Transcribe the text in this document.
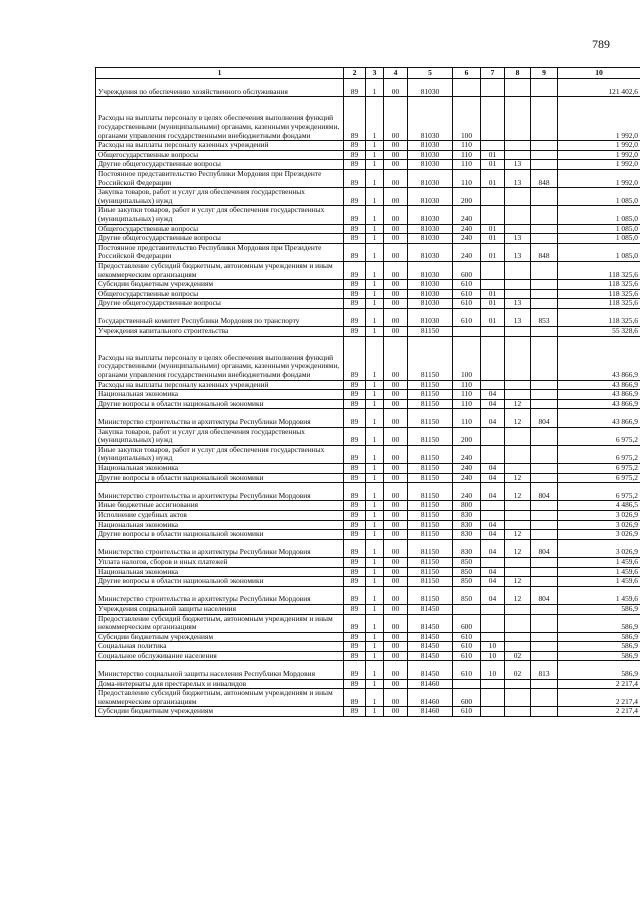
789
1	2	3	4	5	6	7	8	9	10
Учреждения по обеспечению хозяйственного обслуживания	89	1	00	81030					121 402,6
Расходы на выплаты персоналу в целях обеспечения выполнения функций государственными (муниципальными) органами, казенными учреждениями, органами управления государственными внебюджетными фондами	89	1	00	81030	100				1 992,0
Расходы на выплаты персоналу казенных учреждений	89	1	00	81030	110				1 992,0
Общегосударственные вопросы	89	1	00	81030	110	01			1 992,0
Другие общегосударственные вопросы	89	1	00	81030	110	01	13		1 992,0
Постоянное представительство Республики Мордовия при Президенте Российской Федерации	89	1	00	81030	110	01	13	848	1 992,0
Закупка товаров, работ и услуг для обеспечения государственных (муниципальных) нужд	89	1	00	81030	200				1 085,0
Иные закупки товаров, работ и услуг для обеспечения государственных (муниципальных) нужд	89	1	00	81030	240				1 085,0
Общегосударственные вопросы	89	1	00	81030	240	01			1 085,0
Другие общегосударственные вопросы	89	1	00	81030	240	01	13		1 085,0
Постоянное представительство Республики Мордовия при Президенте Российской Федерации	89	1	00	81030	240	01	13	848	1 085,0
Предоставление субсидий бюджетным, автономным учреждениям и иным некоммерческим организациям	89	1	00	81030	600				118 325,6
Субсидии бюджетным учреждениям	89	1	00	81030	610				118 325,6
Общегосударственные вопросы	89	1	00	81030	610	01			118 325,6
Другие общегосударственные вопросы	89	1	00	81030	610	01	13		118 325,6
Государственный комитет Республики Мордовия по транспорту	89	1	00	81030	610	01	13	853	118 325,6
Учреждения капитального строительства	89	1	00	81150					55 328,6
Расходы на выплаты персоналу в целях обеспечения выполнения функций государственными (муниципальными) органами, казенными учреждениями, органами управления государственными внебюджетными фондами	89	1	00	81150	100				43 866,9
Расходы на выплаты персоналу казенных учреждений	89	1	00	81150	110				43 866,9
Национальная экономика	89	1	00	81150	110	04			43 866,9
Другие вопросы в области национальной экономики	89	1	00	81150	110	04	12		43 866,9
Министерство строительства и архитектуры Республики Мордовия	89	1	00	81150	110	04	12	804	43 866,9
Закупка товаров, работ и услуг для обеспечения государственных (муниципальных) нужд	89	1	00	81150	200				6 975,2
Иные закупки товаров, работ и услуг для обеспечения государственных (муниципальных) нужд	89	1	00	81150	240				6 975,2
Национальная экономика	89	1	00	81150	240	04			6 975,2
Другие вопросы в области национальной экономики	89	1	00	81150	240	04	12		6 975,2
Министерство строительства и архитектуры Республики Мордовия	89	1	00	81150	240	04	12	804	6 975,2
Иные бюджетные ассигнования	89	1	00	81150	800				4 486,5
Исполнение судебных актов	89	1	00	81150	830				3 026,9
Национальная экономика	89	1	00	81150	830	04			3 026,9
Другие вопросы в области национальной экономики	89	1	00	81150	830	04	12		3 026,9
Министерство строительства и архитектуры Республики Мордовия	89	1	00	81150	830	04	12	804	3 026,9
Уплата налогов, сборов и иных платежей	89	1	00	81150	850				1 459,6
Национальная экономика	89	1	00	81150	850	04			1 459,6
Другие вопросы в области национальной экономики	89	1	00	81150	850	04	12		1 459,6
Министерство строительства и архитектуры Республики Мордовия	89	1	00	81150	850	04	12	804	1 459,6
Учреждения социальной защиты населения	89	1	00	81450					586,9
Предоставление субсидий бюджетным, автономным учреждениям и иным некоммерческим организациям	89	1	00	81450	600				586,9
Субсидии бюджетным учреждениям	89	1	00	81450	610				586,9
Социальная политика	89	1	00	81450	610	10			586,9
Социальное обслуживание населения	89	1	00	81450	610	10	02		586,9
Министерство социальной защиты населения Республики Мордовия	89	1	00	81450	610	10	02	813	586,9
Дома-интернаты для престарелых и инвалидов	89	1	00	81460					2 217,4
Предоставление субсидий бюджетным, автономным учреждениям и иным некоммерческим организациям	89	1	00	81460	600				2 217,4
Субсидии бюджетным учреждениям	89	1	00	81460	610				2 217,4
